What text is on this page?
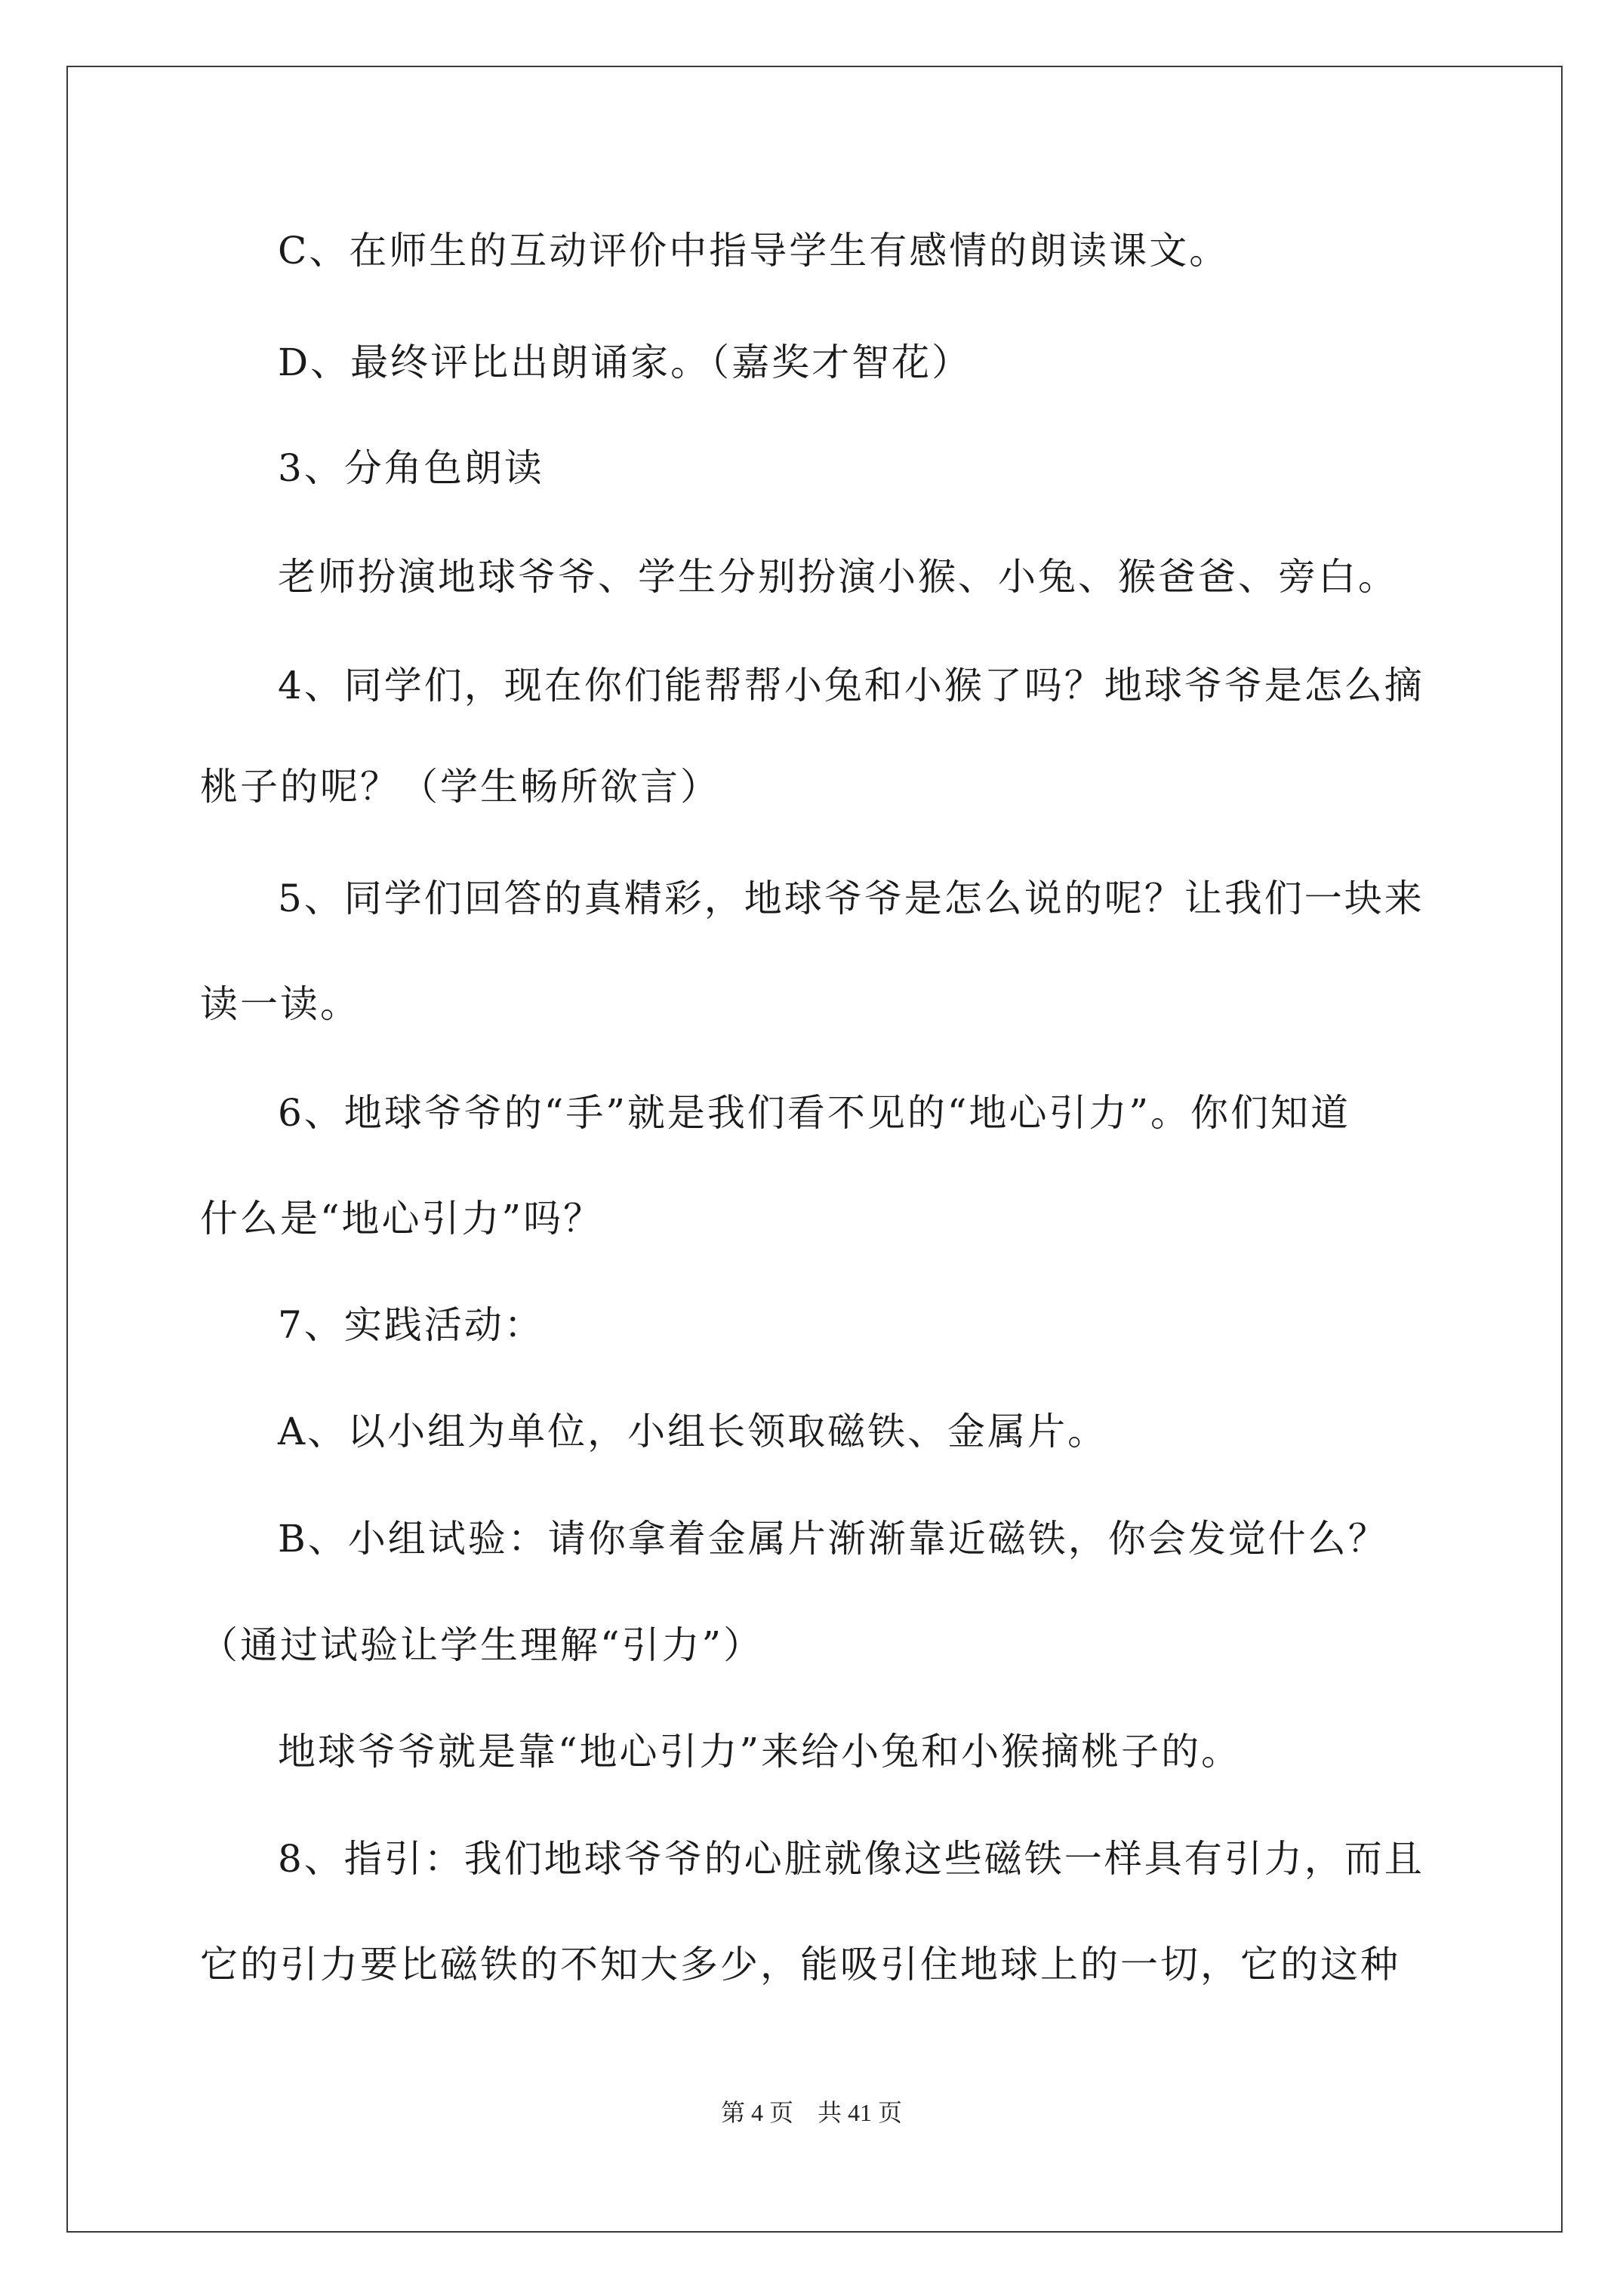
C、在师生的互动评价中指导学生有感情的朗读课文。
D、最终评比出朗诵家。（嘉奖才智花）
3、分角色朗读
老师扮演地球爷爷、学生分别扮演小猴、小兔、猴爸爸、旁白。
4、同学们，现在你们能帮帮小兔和小猴了吗？地球爷爷是怎么摘
桃子的呢？（学生畅所欲言）
5、同学们回答的真精彩，地球爷爷是怎么说的呢？让我们一块来
读一读。
6、地球爷爷的“手”就是我们看不见的“地心引力”。你们知道
什么是“地心引力”吗？
7、实践活动：
A、以小组为单位，小组长领取磁铁、金属片。
B、小组试验：请你拿着金属片渐渐靠近磁铁，你会发觉什么？
（通过试验让学生理解“引力”）
地球爷爷就是靠“地心引力”来给小兔和小猴摘桃子的。
8、指引：我们地球爷爷的心脏就像这些磁铁一样具有引力，而且
它的引力要比磁铁的不知大多少，能吸引住地球上的一切，它的这种
第 4 页 共 41 页
